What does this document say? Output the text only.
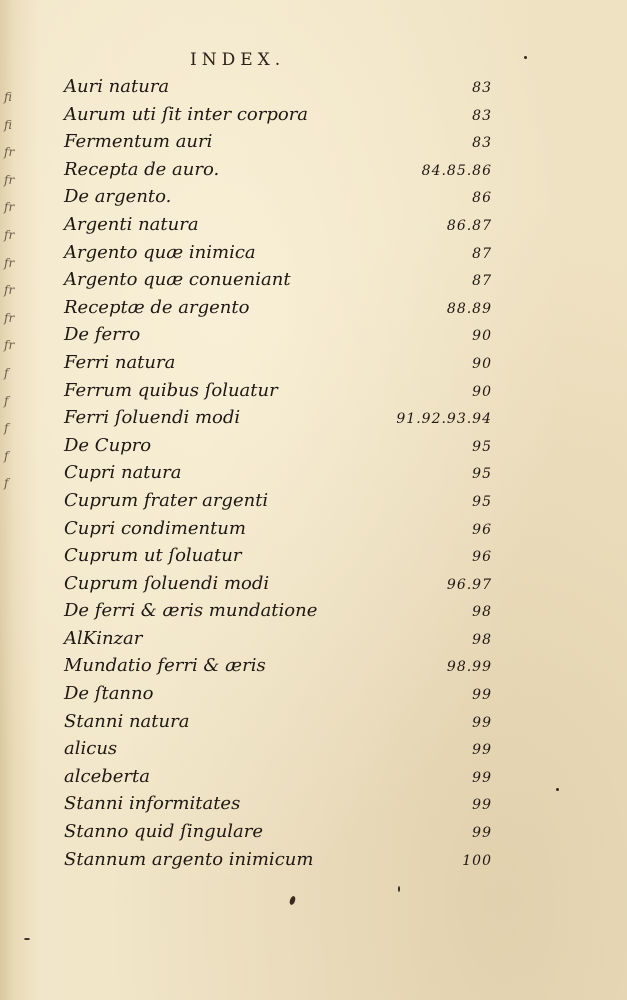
fi
fi
fr
fr
fr
fr
fr
fr
fr
fr
f
f
f
f
f
INDEX.
Auri natura	83
Aurum uti ſit inter corpora	83
Fermentum auri	83
Recepta de auro.	84.85.86
De argento.	86
Argenti natura	86.87
Argento quæ inimica	87
Argento quæ conueniant	87
Receptæ de argento	88.89
De ferro	90
Ferri natura	90
Ferrum quibus ſoluatur	90
Ferri ſoluendi modi	91.92.93.94
De Cupro	95
Cupri natura	95
Cuprum frater argenti	95
Cupri condimentum	96
Cuprum ut ſoluatur	96
Cuprum ſoluendi modi	96.97
De ferri & æris mundatione	98
AlKinzar	98
Mundatio ferri & æris	98.99
De ſtanno	99
Stanni natura	99
alicus	99
alceberta	99
Stanni informitates	99
Stanno quid ſingulare	99
Stannum argento inimicum	100
